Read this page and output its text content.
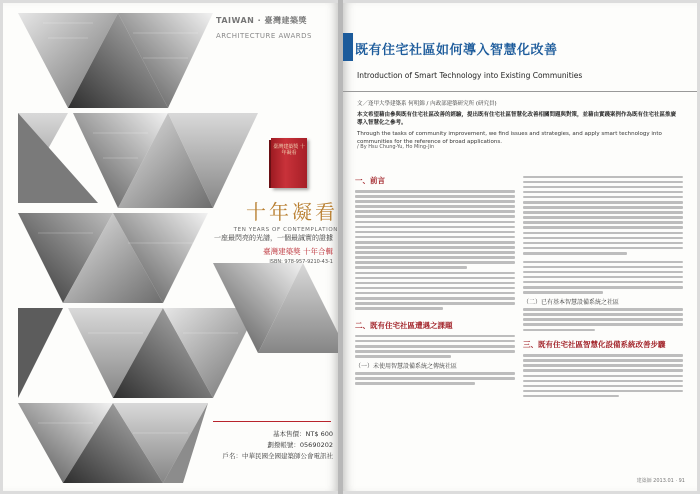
TAIWAN · 臺灣建築獎
ARCHITECTURE AWARDS
臺灣建築獎 十年凝看
十年凝看
TEN YEARS OF CONTEMPLATION
一座最閃亮的光譜，一個最誠實的證據
臺灣建築獎 十年合輯
ISBN: 978-957-9210-43-1
基本售價：NT$ 600
劃撥帳號：05690202
戶名：中華民國全國建築師公會電訊社
既有住宅社區如何導入智慧化改善
Introduction of Smart Technology into Existing Communities
文／逢甲大學建築系 何明錦 / 內政部建築研究所 (研究員)
本文希望藉由參與既有住宅社區改善的經驗，提出既有住宅社區智慧化改善相關問題與對策，並藉由實踐案例作為既有住宅社區推廣導入智慧化之參考。
Through the tasks of community improvement, we find issues and strategies, and apply smart technology into communities for the reference of broad applications.
/ By Hsu Chung-Yu, Ho Ming-Jin
一、前言
二、既有住宅社區遭遇之課題
（一）未使用智慧設備系統之傳統社區
（二）已有基本智慧設備系統之社區
三、既有住宅社區智慧化設備系統改善步驟
建築師 2013.01 · 91
